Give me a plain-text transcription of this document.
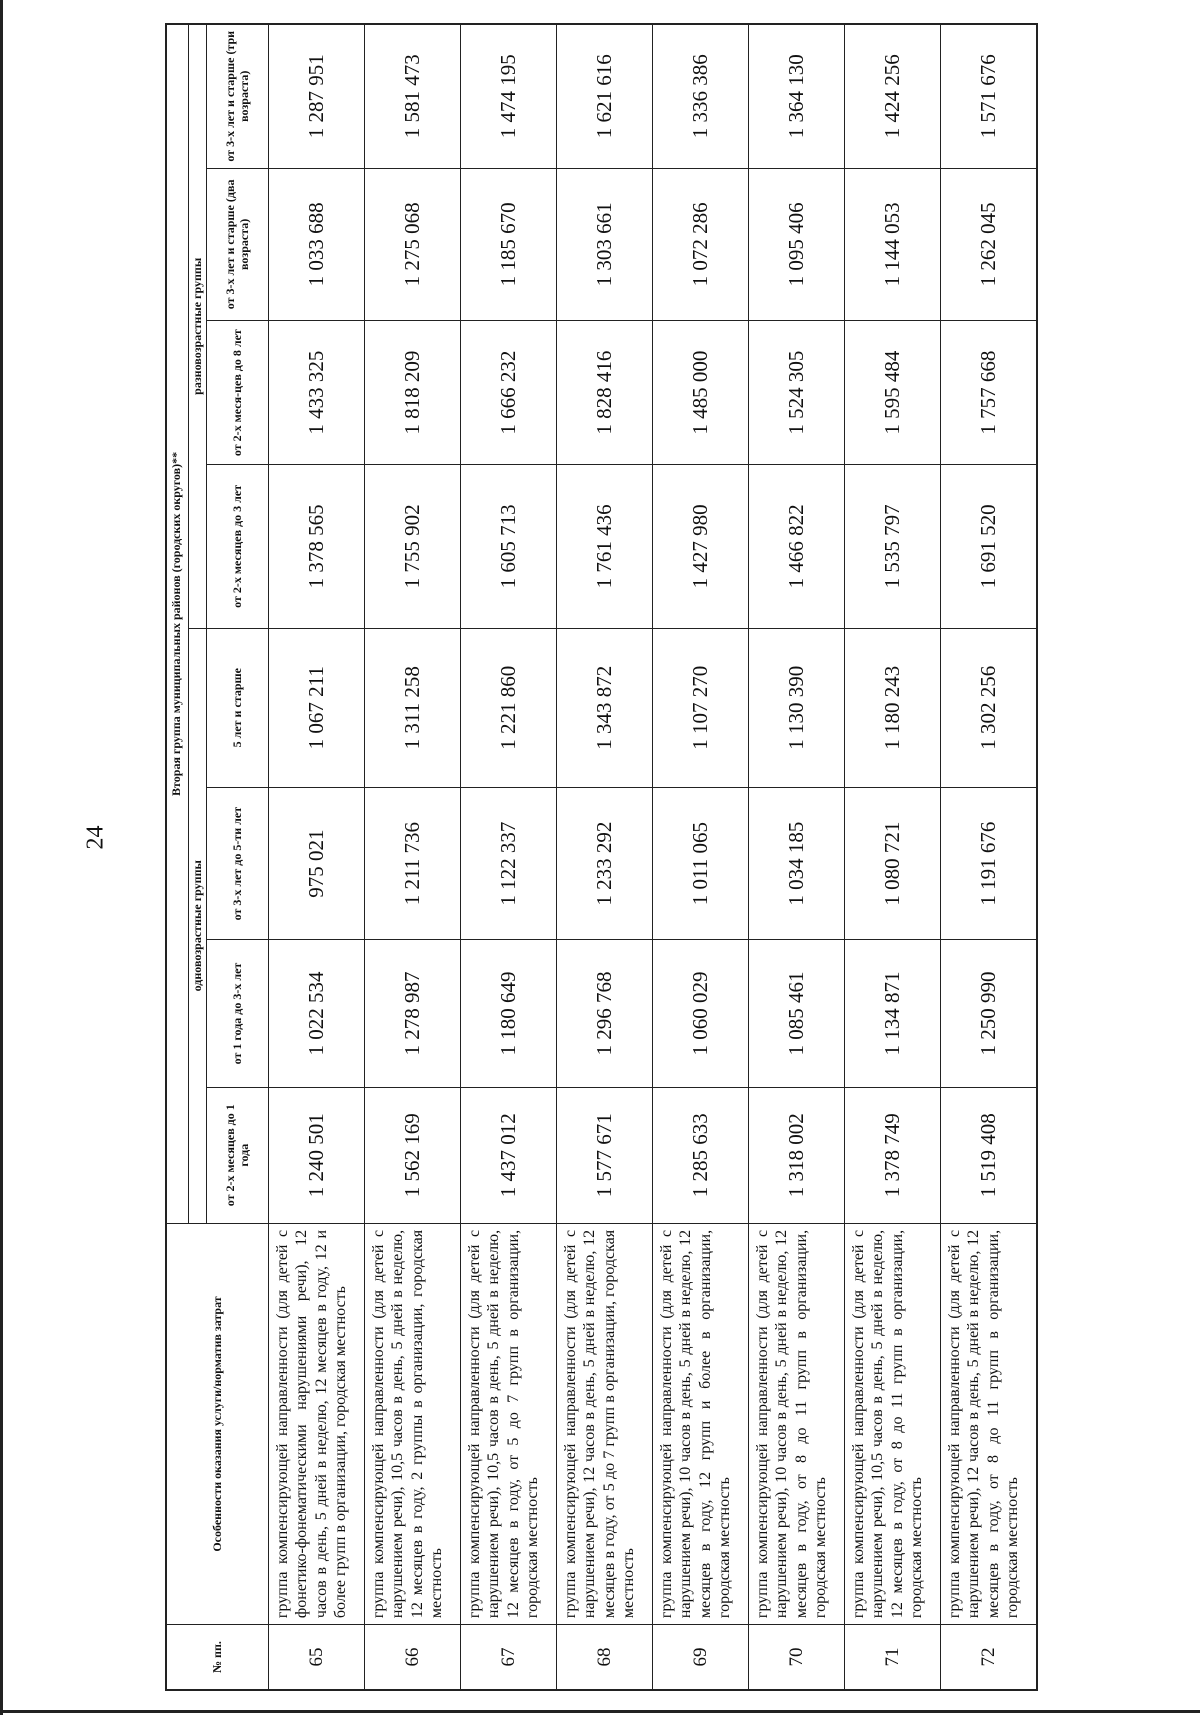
24
№ пп.	Особенности оказания услуги/норматив затрат	Вторая группа муниципальных районов (городских округов)**							
		одновозрастные группы				разновозрастные группы			
		от 2-х месяцев до 1 года	от 1 года до 3-х лет	от 3-х лет до 5-ти лет	5 лет и старше	от 2-х месяцев до 3 лет	от 2-х меся-цев до 8 лет	от 3-х лет и старше (два возраста)	от 3-х лет и старше (три возраста)
65	группа компенсирующей направленности (для детей с фонетико-фонематическими нарушениями речи), 12 часов в день, 5 дней в неделю, 12 месяцев в году, 12 и более групп в организации, городская местность	1 240 501	1 022 534	975 021	1 067 211	1 378 565	1 433 325	1 033 688	1 287 951
66	группа компенсирующей направленности (для детей с нарушением речи), 10,5 часов в день, 5 дней в неделю, 12 месяцев в году, 2 группы в организации, городская местность	1 562 169	1 278 987	1 211 736	1 311 258	1 755 902	1 818 209	1 275 068	1 581 473
67	группа компенсирующей направленности (для детей с нарушением речи), 10,5 часов в день, 5 дней в неделю, 12 месяцев в году, от 5 до 7 групп в организации, городская местность	1 437 012	1 180 649	1 122 337	1 221 860	1 605 713	1 666 232	1 185 670	1 474 195
68	группа компенсирующей направленности (для детей с нарушением речи), 12 часов в день, 5 дней в неделю, 12 месяцев в году, от 5 до 7 групп в организации, городская местность	1 577 671	1 296 768	1 233 292	1 343 872	1 761 436	1 828 416	1 303 661	1 621 616
69	группа компенсирующей направленности (для детей с нарушением речи), 10 часов в день, 5 дней в неделю, 12 месяцев в году, 12 групп и более в организации, городская местность	1 285 633	1 060 029	1 011 065	1 107 270	1 427 980	1 485 000	1 072 286	1 336 386
70	группа компенсирующей направленности (для детей с нарушением речи), 10 часов в день, 5 дней в неделю, 12 месяцев в году, от 8 до 11 групп в организации, городская местность	1 318 002	1 085 461	1 034 185	1 130 390	1 466 822	1 524 305	1 095 406	1 364 130
71	группа компенсирующей направленности (для детей с нарушением речи), 10,5 часов в день, 5 дней в неделю, 12 месяцев в году, от 8 до 11 групп в организации, городская местность	1 378 749	1 134 871	1 080 721	1 180 243	1 535 797	1 595 484	1 144 053	1 424 256
72	группа компенсирующей направленности (для детей с нарушением речи), 12 часов в день, 5 дней в неделю, 12 месяцев в году, от 8 до 11 групп в организации, городская местность	1 519 408	1 250 990	1 191 676	1 302 256	1 691 520	1 757 668	1 262 045	1 571 676
